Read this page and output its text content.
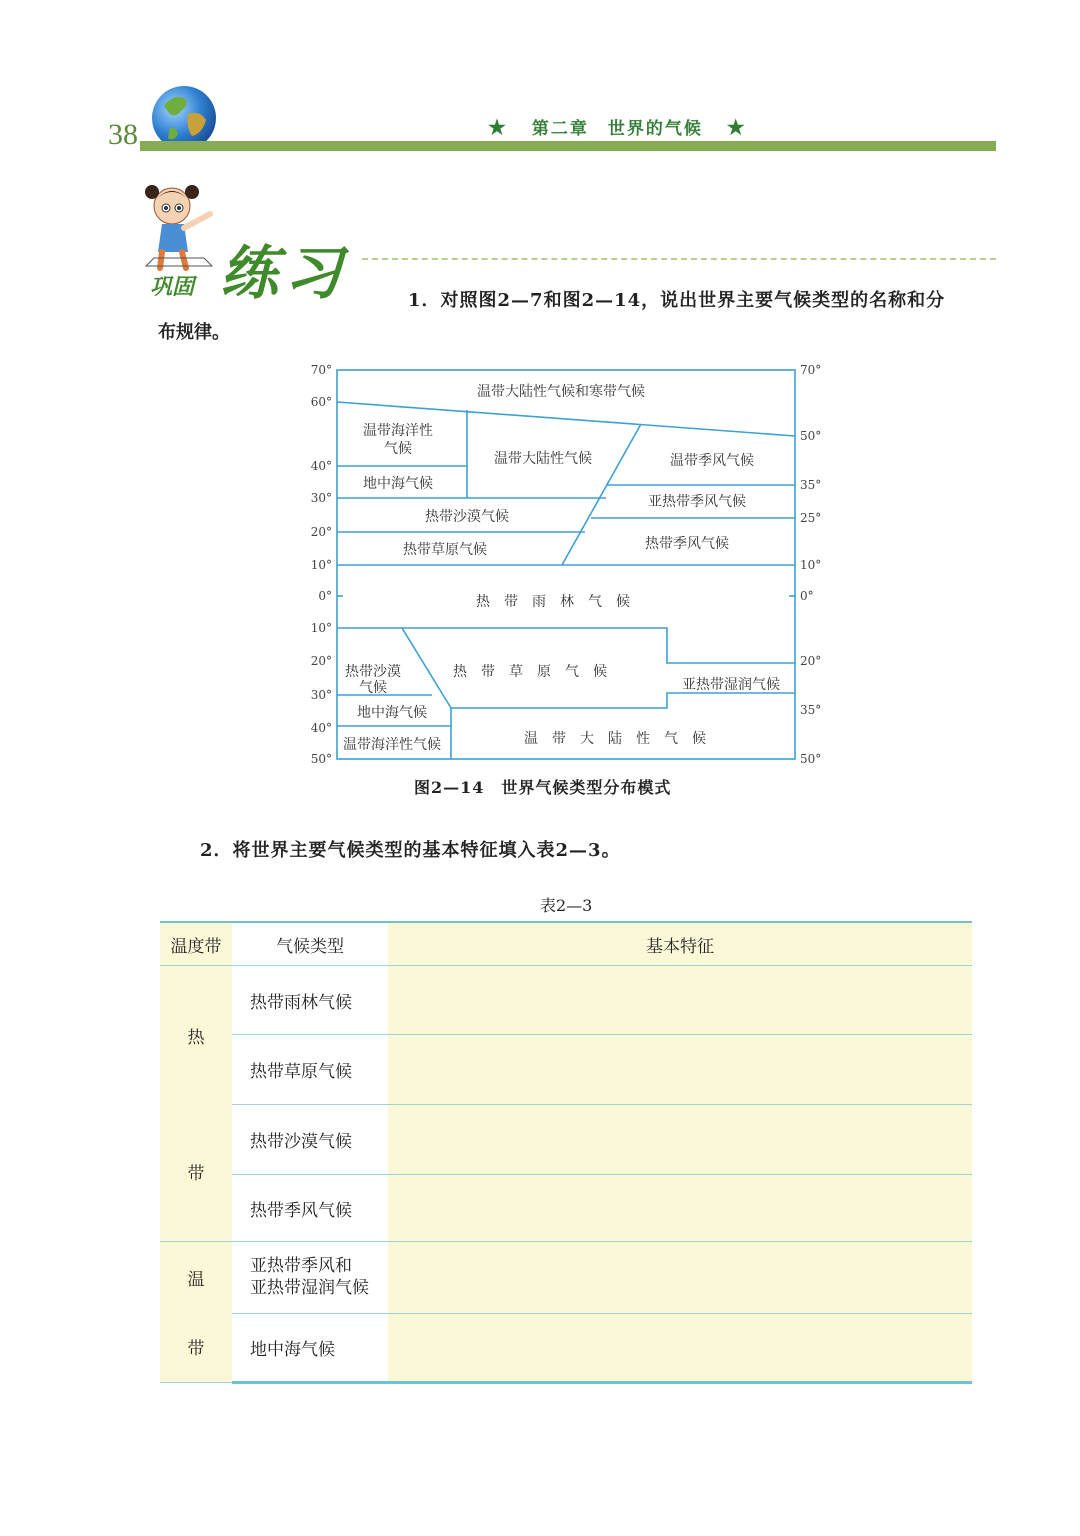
38	★ 第二章　世界的气候 ★
巩固 练习	1．对照图2—7和图2—14，说出世界主要气候类型的名称和分
布规律。
70°
60°
40°
30°
20°
10°
0°
10°
20°
30°
40°
50°
70°
50°
35°
25°
10°
0°
20°
35°
50°
温带大陆性气候和寒带气候
温带海洋性
气候
温带大陆性气候	温带季风气候
地中海气候
亚热带季风气候
热带沙漠气候
热带草原气候	热带季风气候
热　带　雨　林　气　候
热带沙漠
气候
热　带　草　原　气　候
亚热带湿润气候
地中海气候
温带海洋性气候	温　带　大　陆　性　气　候
图2—14　世界气候类型分布模式
2．将世界主要气候类型的基本特征填入表2—3。
表2—3
温度带	气候类型	基本特征

热
带	热带雨林气候	
	热带草原气候	
	热带沙漠气候	
	热带季风气候	

温
带	亚热带季风和
亚热带湿润气候	
	地中海气候	
